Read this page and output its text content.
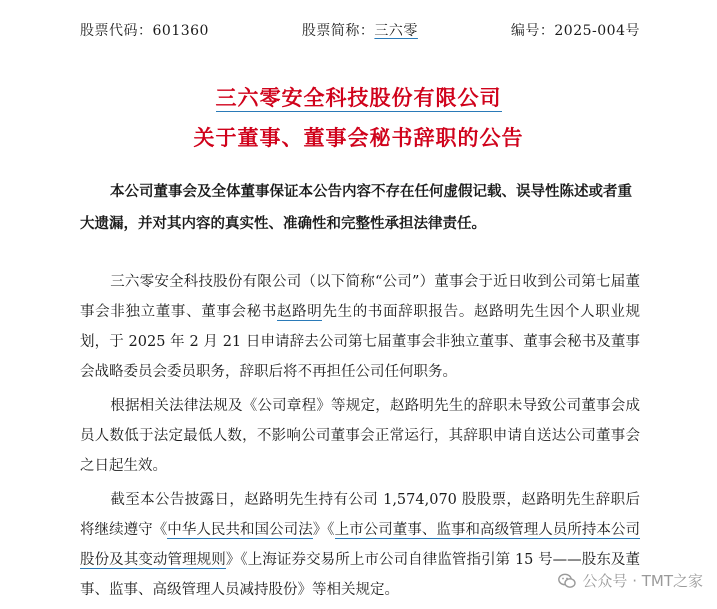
股票代码：601360	股票简称：三六零	编号：2025-004号
三六零安全科技股份有限公司
关于董事、董事会秘书辞职的公告
本公司董事会及全体董事保证本公告内容不存在任何虚假记载、误导性陈述或者重大遗漏，并对其内容的真实性、准确性和完整性承担法律责任。

三六零安全科技股份有限公司（以下简称“公司”）董事会于近日收到公司第七届董事会非独立董事、董事会秘书赵路明先生的书面辞职报告。赵路明先生因个人职业规划，于 2025 年 2 月 21 日申请辞去公司第七届董事会非独立董事、董事会秘书及董事会战略委员会委员职务，辞职后将不再担任公司任何职务。

根据相关法律法规及《公司章程》等规定，赵路明先生的辞职未导致公司董事会成员人数低于法定最低人数，不影响公司董事会正常运行，其辞职申请自送达公司董事会之日起生效。

截至本公告披露日，赵路明先生持有公司 1,574,070 股股票，赵路明先生辞职后将继续遵守《中华人民共和国公司法》《上市公司董事、监事和高级管理人员所持本公司股份及其变动管理规则》《上海证券交易所上市公司自律监管指引第 15 号——股东及董事、监事、高级管理人员减持股份》等相关规定。	公众号 · TMT之家
